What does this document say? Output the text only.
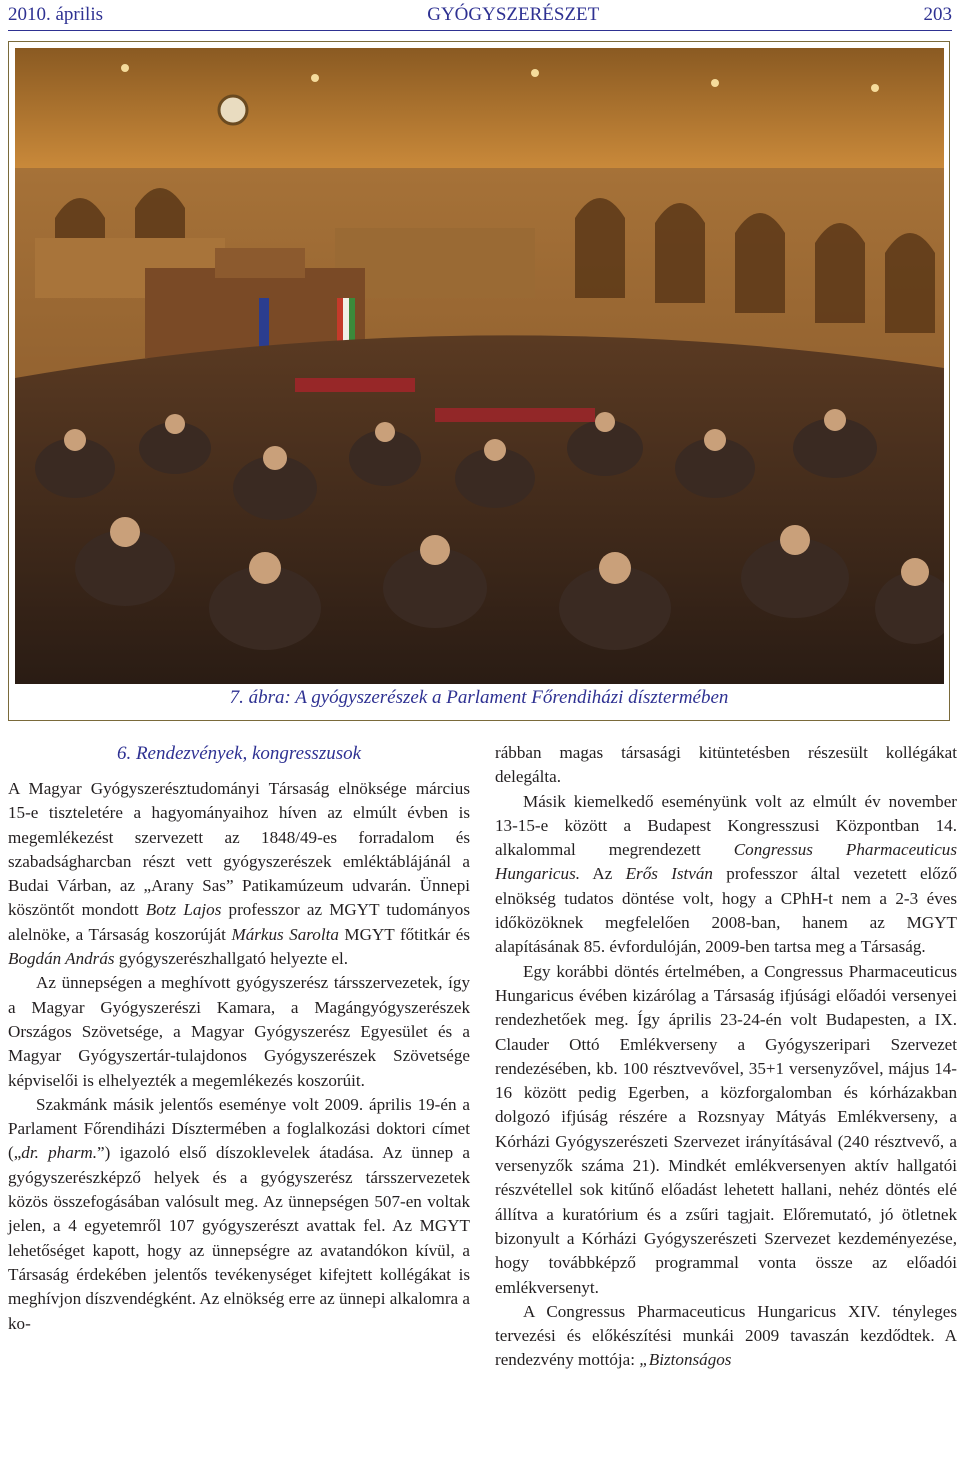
2010. április	GYÓGYSZERÉSZET	203
7. ábra: A gyógyszerészek a Parlament Főrendiházi dísztermében
6. Rendezvények, kongresszusok

A Magyar Gyógyszerésztudományi Társaság elnöksége március 15-e tiszteletére a hagyományaihoz híven az elmúlt évben is megemlékezést szervezett az 1848/49-es forradalom és szabadságharcban részt vett gyógyszerészek emléktáblájánál a Budai Várban, az „Arany Sas” Patikamúzeum udvarán. Ünnepi köszöntőt mondott Botz Lajos professzor az MGYT tudományos alelnöke, a Társaság koszorúját Márkus Sarolta MGYT főtitkár és Bogdán András gyógyszerészhallgató helyezte el.

Az ünnepségen a meghívott gyógyszerész társszervezetek, így a Magyar Gyógyszerészi Kamara, a Magángyógyszerészek Országos Szövetsége, a Magyar Gyógyszerész Egyesület és a Magyar Gyógyszertár-tulajdonos Gyógyszerészek Szövetsége képviselői is elhelyezték a megemlékezés koszorúit.

Szakmánk másik jelentős eseménye volt 2009. április 19-én a Parlament Főrendiházi Dísztermében a foglalkozási doktori címet („dr. pharm.”) igazoló első díszoklevelek átadása. Az ünnep a gyógyszerészképző helyek és a gyógyszerész társszervezetek közös összefogásában valósult meg. Az ünnepségen 507-en voltak jelen, a 4 egyetemről 107 gyógyszerészt avattak fel. Az MGYT lehetőséget kapott, hogy az ünnepségre az avatandókon kívül, a Társaság érdekében jelentős tevékenységet kifejtett kollégákat is meghívjon díszvendégként. Az elnökség erre az ünnepi alkalomra a ko-

rábban magas társasági kitüntetésben részesült kollégákat delegálta.

Másik kiemelkedő eseményünk volt az elmúlt év november 13-15-e között a Budapest Kongresszusi Központban 14. alkalommal megrendezett Congressus Pharmaceuticus Hungaricus. Az Erős István professzor által vezetett előző elnökség tudatos döntése volt, hogy a CPhH-t nem a 2-3 éves időközöknek megfelelően 2008-ban, hanem az MGYT alapításának 85. évfordulóján, 2009-ben tartsa meg a Társaság.

Egy korábbi döntés értelmében, a Congressus Pharmaceuticus Hungaricus évében kizárólag a Társaság ifjúsági előadói versenyei rendezhetőek meg. Így április 23-24-én volt Budapesten, a IX. Clauder Ottó Emlékverseny a Gyógyszeripari Szervezet rendezésében, kb. 100 résztvevővel, 35+1 versenyzővel, május 14-16 között pedig Egerben, a közforgalomban és kórházakban dolgozó ifjúság részére a Rozsnyay Mátyás Emlékverseny, a Kórházi Gyógyszerészeti Szervezet irányításával (240 résztvevő, a versenyzők száma 21). Mindkét emlékversenyen aktív hallgatói részvétellel sok kitűnő előadást lehetett hallani, nehéz döntés elé állítva a kuratórium és a zsűri tagjait. Előremutató, jó ötletnek bizonyult a Kórházi Gyógyszerészeti Szervezet kezdeményezése, hogy továbbképző programmal vonta össze az előadói emlékversenyt.

A Congressus Pharmaceuticus Hungaricus XIV. tényleges tervezési és előkészítési munkái 2009 tavaszán kezdődtek. A rendezvény mottója: „Biztonságos
